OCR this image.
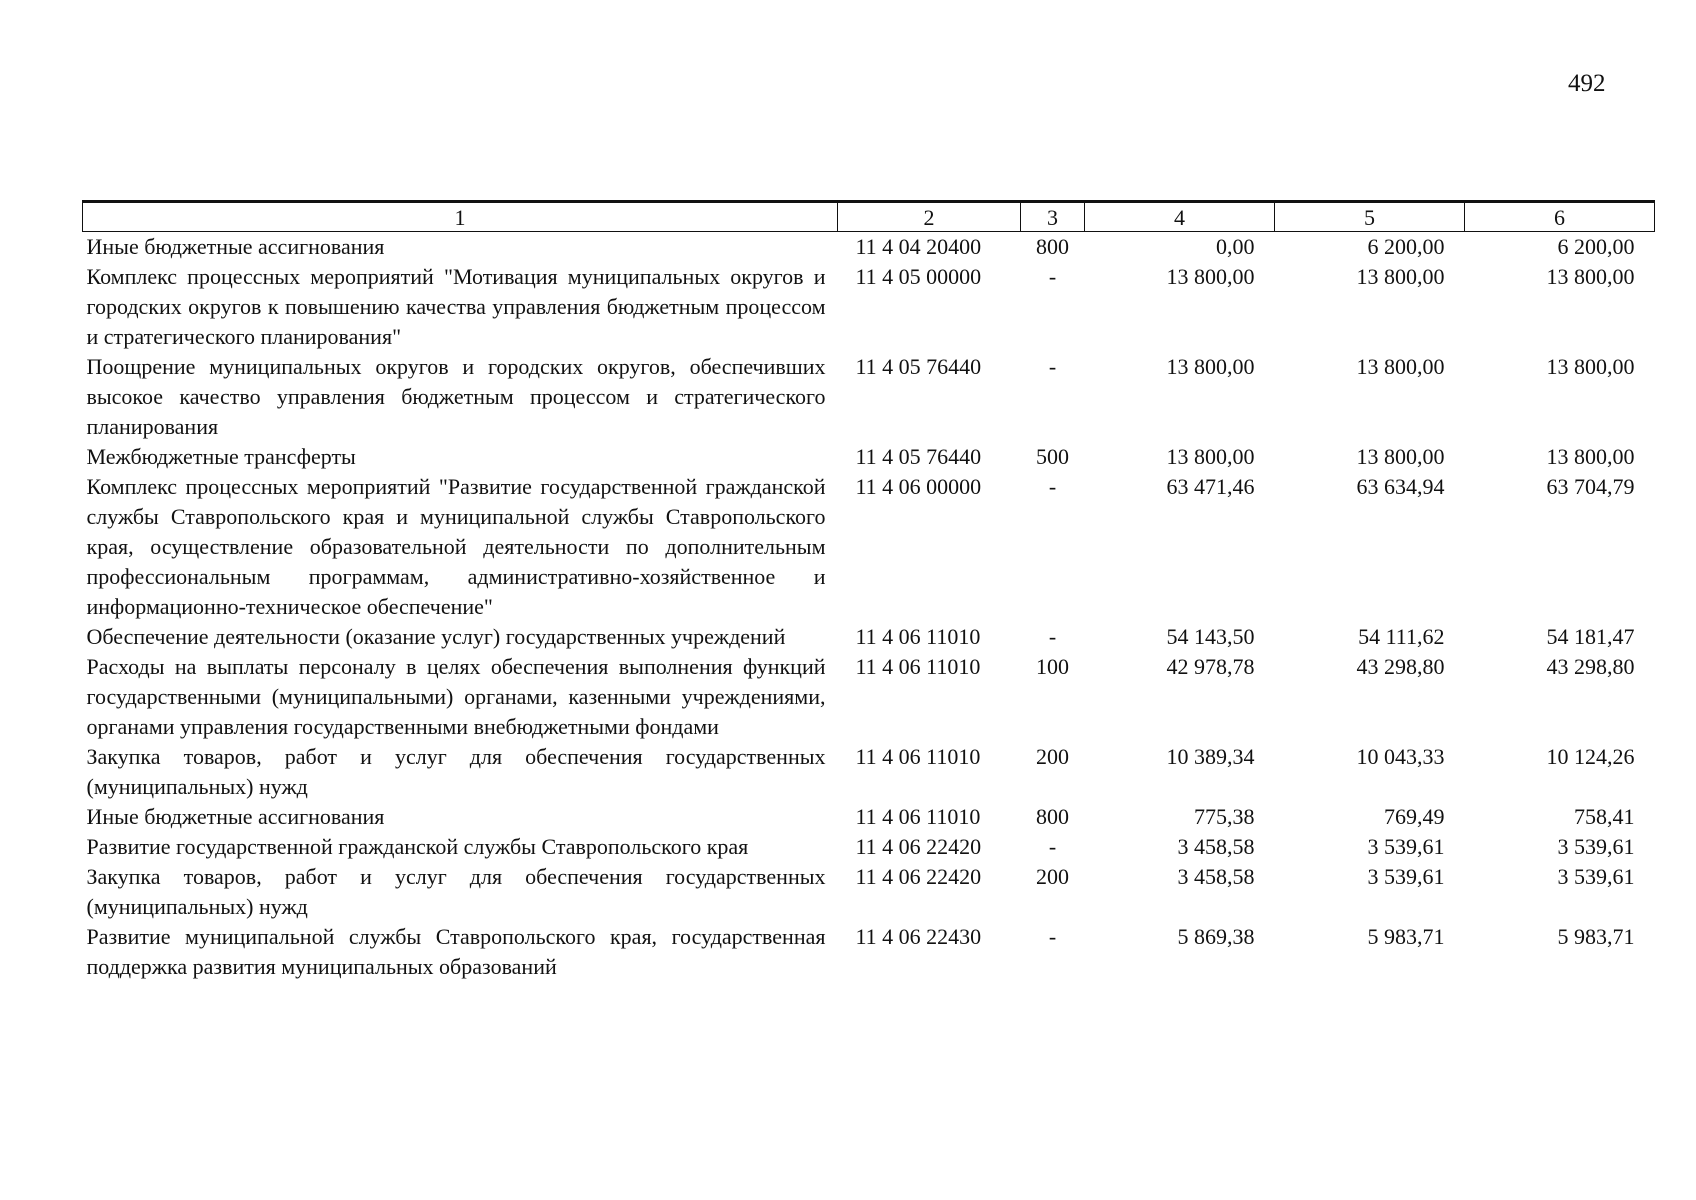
492
1	2	3	4	5	6
Иные бюджетные ассигнования	11 4 04 20400	800	0,00	6 200,00	6 200,00
Комплекс процессных мероприятий "Мотивация муниципальных округов и городских округов к повышению качества управления бюджетным процессом и стратегического планирования"	11 4 05 00000	-	13 800,00	13 800,00	13 800,00
Поощрение муниципальных округов и городских округов, обеспечивших высокое качество управления бюджетным процессом и стратегического планирования	11 4 05 76440	-	13 800,00	13 800,00	13 800,00
Межбюджетные трансферты	11 4 05 76440	500	13 800,00	13 800,00	13 800,00
Комплекс процессных мероприятий "Развитие государственной гражданской службы Ставропольского края и муниципальной службы Ставропольского края, осуществление образовательной деятельности по дополнительным профессиональным программам, административно-хозяйственное и информационно-техническое обеспечение"	11 4 06 00000	-	63 471,46	63 634,94	63 704,79
Обеспечение деятельности (оказание услуг) государственных учреждений	11 4 06 11010	-	54 143,50	54 111,62	54 181,47
Расходы на выплаты персоналу в целях обеспечения выполнения функций государственными (муниципальными) органами, казенными учреждениями, органами управления государственными внебюджетными фондами	11 4 06 11010	100	42 978,78	43 298,80	43 298,80
Закупка товаров, работ и услуг для обеспечения государственных (муниципальных) нужд	11 4 06 11010	200	10 389,34	10 043,33	10 124,26
Иные бюджетные ассигнования	11 4 06 11010	800	775,38	769,49	758,41
Развитие государственной гражданской службы Ставропольского края	11 4 06 22420	-	3 458,58	3 539,61	3 539,61
Закупка товаров, работ и услуг для обеспечения государственных (муниципальных) нужд	11 4 06 22420	200	3 458,58	3 539,61	3 539,61
Развитие муниципальной службы Ставропольского края, государственная поддержка развития муниципальных образований	11 4 06 22430	-	5 869,38	5 983,71	5 983,71
